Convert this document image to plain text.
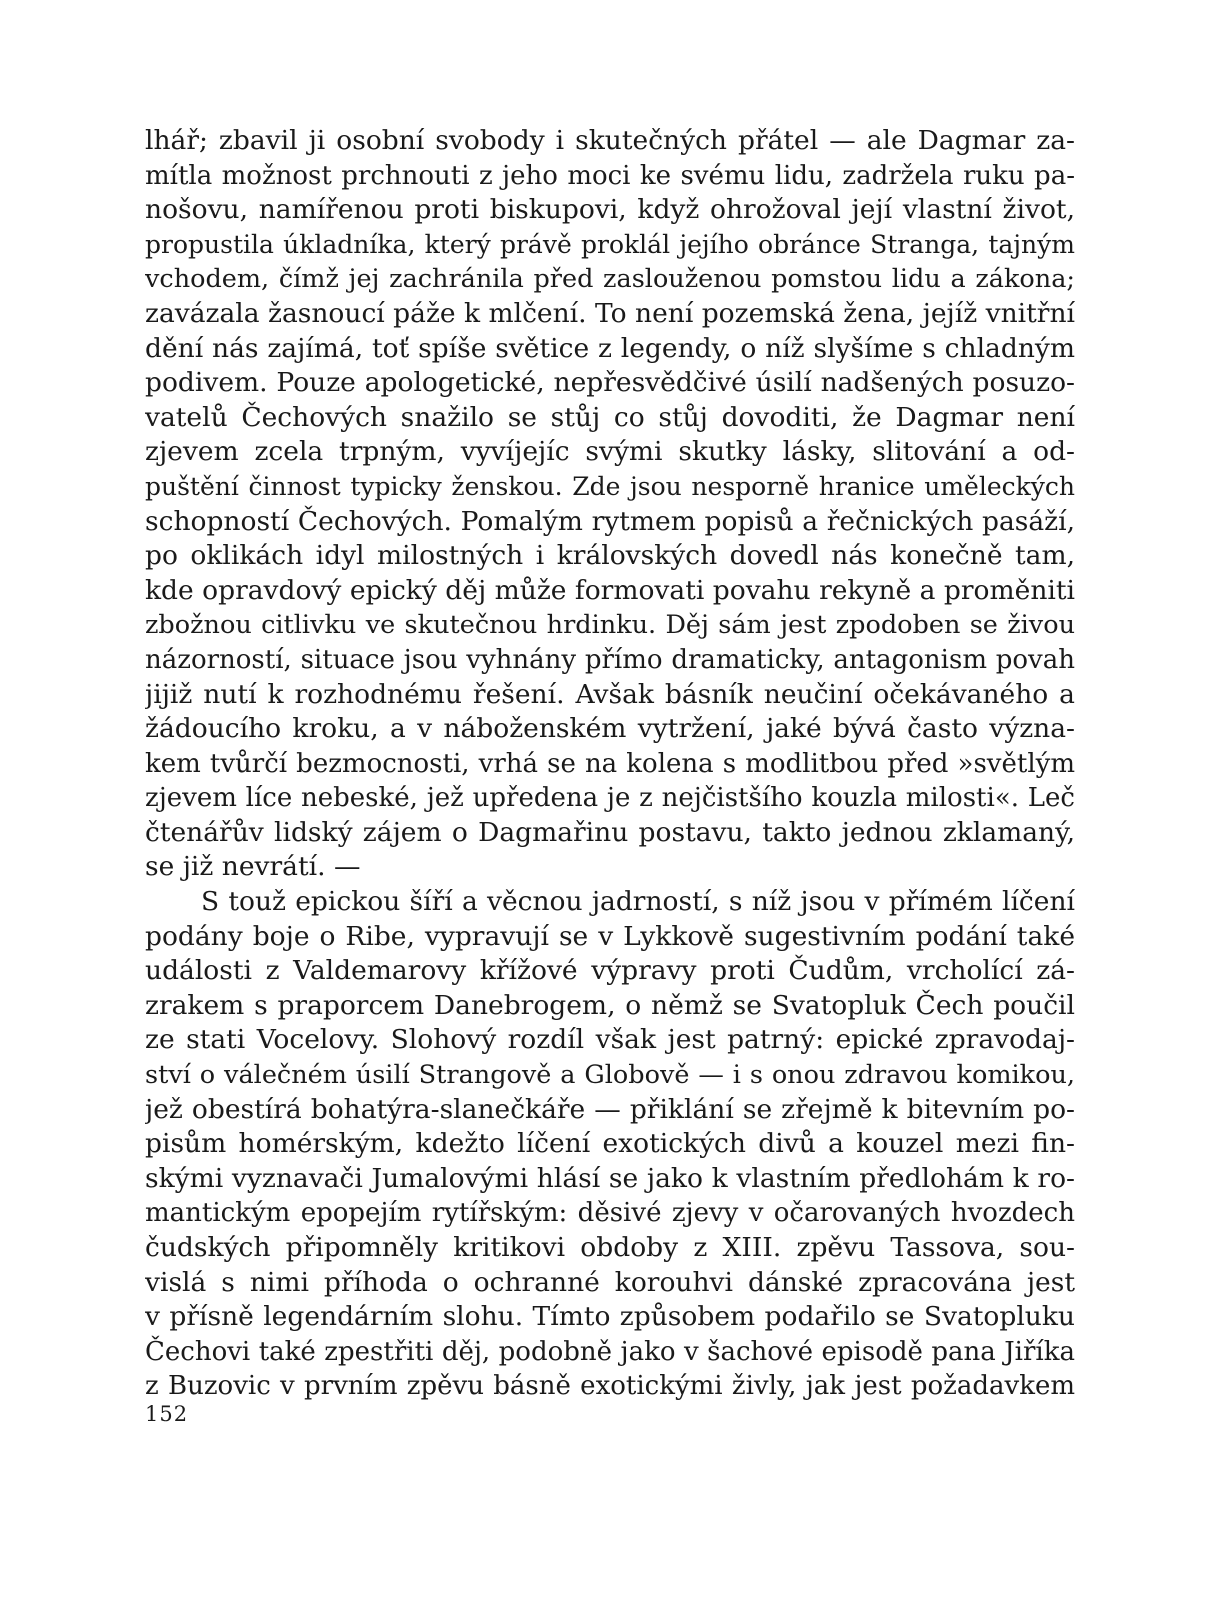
lhář; zbavil ji osobní svobody i skutečných přátel — ale Dagmar za-
mítla možnost prchnouti z jeho moci ke svému lidu, zadržela ruku pa-
nošovu, namířenou proti biskupovi, když ohrožoval její vlastní život,
propustila úkladníka, který právě proklál jejího obránce Stranga, tajným
vchodem, čímž jej zachránila před zaslouženou pomstou lidu a zákona;
zavázala žasnoucí páže k mlčení. To není pozemská žena, jejíž vnitřní
dění nás zajímá, toť spíše světice z legendy, o níž slyšíme s chladným
podivem. Pouze apologetické, nepřesvědčivé úsilí nadšených posuzo-
vatelů Čechových snažilo se stůj co stůj dovoditi, že Dagmar není
zjevem zcela trpným, vyvíjejíc svými skutky lásky, slitování a od-
puštění činnost typicky ženskou. Zde jsou nesporně hranice uměleckých
schopností Čechových. Pomalým rytmem popisů a řečnických pasáží,
po oklikách idyl milostných i královských dovedl nás konečně tam,
kde opravdový epický děj může formovati povahu rekyně a proměniti
zbožnou citlivku ve skutečnou hrdinku. Děj sám jest zpodoben se živou
názorností, situace jsou vyhnány přímo dramaticky, antagonism povah
jijiž nutí k rozhodnému řešení. Avšak básník neučiní očekávaného a
žádoucího kroku, a v náboženském vytržení, jaké bývá často význa-
kem tvůrčí bezmocnosti, vrhá se na kolena s modlitbou před »světlým
zjevem líce nebeské, jež upředena je z nejčistšího kouzla milosti«. Leč
čtenářův lidský zájem o Dagmařinu postavu, takto jednou zklamaný,
se již nevrátí. —
S touž epickou šíří a věcnou jadrností, s níž jsou v přímém líčení
podány boje o Ribe, vypravují se v Lykkově sugestivním podání také
události z Valdemarovy křížové výpravy proti Čudům, vrcholící zá-
zrakem s praporcem Danebrogem, o němž se Svatopluk Čech poučil
ze stati Vocelovy. Slohový rozdíl však jest patrný: epické zpravodaj-
ství o válečném úsilí Strangově a Globově — i s onou zdravou komikou,
jež obestírá bohatýra-slanečkáře — přiklání se zřejmě k bitevním po-
pisům homérským, kdežto líčení exotických divů a kouzel mezi fin-
skými vyznavači Jumalovými hlásí se jako k vlastním předlohám k ro-
mantickým epopejím rytířským: děsivé zjevy v očarovaných hvozdech
čudských připomněly kritikovi obdoby z XIII. zpěvu Tassova, sou-
vislá s nimi příhoda o ochranné korouhvi dánské zpracována jest
v přísně legendárním slohu. Tímto způsobem podařilo se Svatopluku
Čechovi také zpestřiti děj, podobně jako v šachové episodě pana Jiříka
z Buzovic v prvním zpěvu básně exotickými živly, jak jest požadavkem
152
